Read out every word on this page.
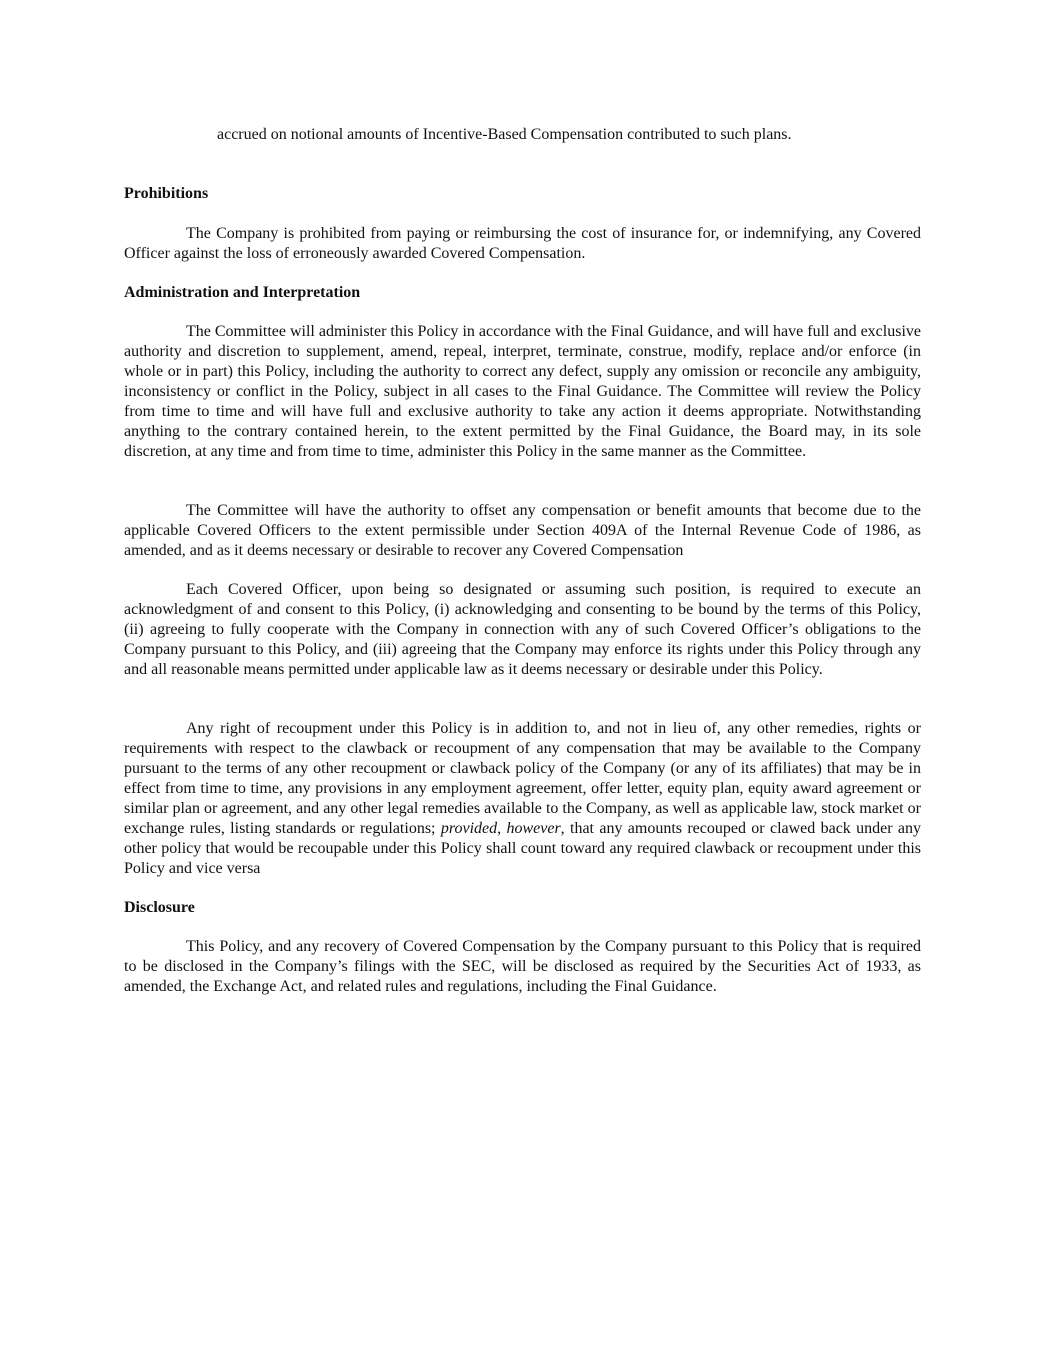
accrued on notional amounts of Incentive-Based Compensation contributed to such plans.

Prohibitions

The Company is prohibited from paying or reimbursing the cost of insurance for, or indemnifying, any Covered Officer against the loss of erroneously awarded Covered Compensation.

Administration and Interpretation

The Committee will administer this Policy in accordance with the Final Guidance, and will have full and exclusive authority and discretion to supplement, amend, repeal, interpret, terminate, construe, modify, replace and/or enforce (in whole or in part) this Policy, including the authority to correct any defect, supply any omission or reconcile any ambiguity, inconsistency or conflict in the Policy, subject in all cases to the Final Guidance. The Committee will review the Policy from time to time and will have full and exclusive authority to take any action it deems appropriate. Notwithstanding anything to the contrary contained herein, to the extent permitted by the Final Guidance, the Board may, in its sole discretion, at any time and from time to time, administer this Policy in the same manner as the Committee.

The Committee will have the authority to offset any compensation or benefit amounts that become due to the applicable Covered Officers to the extent permissible under Section 409A of the Internal Revenue Code of 1986, as amended, and as it deems necessary or desirable to recover any Covered Compensation

Each Covered Officer, upon being so designated or assuming such position, is required to execute an acknowledgment of and consent to this Policy, (i) acknowledging and consenting to be bound by the terms of this Policy, (ii) agreeing to fully cooperate with the Company in connection with any of such Covered Officer’s obligations to the Company pursuant to this Policy, and (iii) agreeing that the Company may enforce its rights under this Policy through any and all reasonable means permitted under applicable law as it deems necessary or desirable under this Policy.

Any right of recoupment under this Policy is in addition to, and not in lieu of, any other remedies, rights or requirements with respect to the clawback or recoupment of any compensation that may be available to the Company pursuant to the terms of any other recoupment or clawback policy of the Company (or any of its affiliates) that may be in effect from time to time, any provisions in any employment agreement, offer letter, equity plan, equity award agreement or similar plan or agreement, and any other legal remedies available to the Company, as well as applicable law, stock market or exchange rules, listing standards or regulations; provided, however, that any amounts recouped or clawed back under any other policy that would be recoupable under this Policy shall count toward any required clawback or recoupment under this Policy and vice versa

Disclosure

This Policy, and any recovery of Covered Compensation by the Company pursuant to this Policy that is required to be disclosed in the Company’s filings with the SEC, will be disclosed as required by the Securities Act of 1933, as amended, the Exchange Act, and related rules and regulations, including the Final Guidance.
